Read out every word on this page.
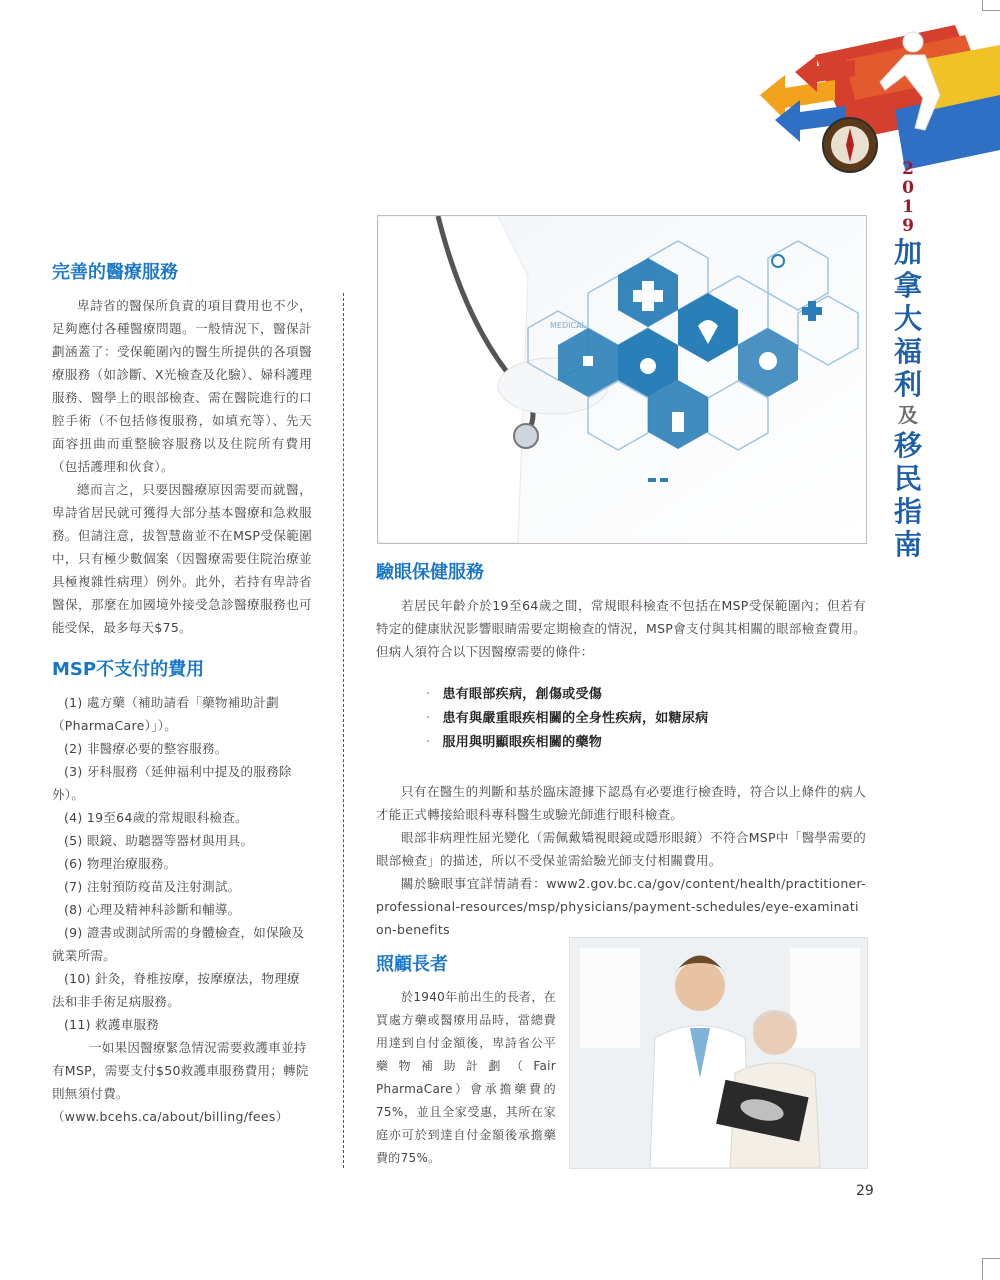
2
0
1
9
加
拿
大
福
利
及
移
民
指
南
完善的醫療服務

卑詩省的醫保所負責的項目費用也不少，足夠應付各種醫療問題。一般情況下，醫保計劃涵蓋了：受保範圍內的醫生所提供的各項醫療服務（如診斷、X光檢查及化驗）、婦科護理服務、醫學上的眼部檢查、需在醫院進行的口腔手術（不包括修復服務，如填充等）、先天面容扭曲而重整臉容服務以及住院所有費用（包括護理和伙食）。

總而言之，只要因醫療原因需要而就醫，卑詩省居民就可獲得大部分基本醫療和急救服務。但請注意，拔智慧齒並不在MSP受保範圍中，只有極少數個案（因醫療需要住院治療並具極複雜性病理）例外。此外，若持有卑詩省醫保，那麼在加國境外接受急診醫療服務也可能受保，最多每天$75。

MSP不支付的費用
(1) 處方藥（補助請看「藥物補助計劃（PharmaCare）」）。
(2) 非醫療必要的整容服務。
(3) 牙科服務（延伸福利中提及的服務除外）。
(4) 19至64歲的常規眼科檢查。
(5) 眼鏡、助聽器等器材與用具。
(6) 物理治療服務。
(7) 注射預防疫苗及注射測試。
(8) 心理及精神科診斷和輔導。
(9) 證書或測試所需的身體檢查，如保險及就業所需。
(10) 針灸，脊椎按摩，按摩療法，物理療法和非手術足病服務。
(11) 救護車服務

一如果因醫療緊急情況需要救護車並持有MSP，需要支付$50救護車服務費用；轉院則無須付費。（www.bcehs.ca/about/billing/fees）

MEDICAL
驗眼保健服務

若居民年齡介於19至64歲之間，常規眼科檢查不包括在MSP受保範圍內；但若有特定的健康狀況影響眼睛需要定期檢查的情況，MSP會支付與其相關的眼部檢查費用。但病人須符合以下因醫療需要的條件：

· 患有眼部疾病，創傷或受傷
· 患有與嚴重眼疾相關的全身性疾病，如糖尿病
· 服用與明顯眼疾相關的藥物

只有在醫生的判斷和基於臨床證據下認爲有必要進行檢查時，符合以上條件的病人才能正式轉接給眼科專科醫生或驗光師進行眼科檢查。

眼部非病理性屈光變化（需佩戴矯視眼鏡或隱形眼鏡）不符合MSP中「醫學需要的眼部檢查」的描述，所以不受保並需給驗光師支付相關費用。

關於驗眼事宜詳情請看：www2.gov.bc.ca/gov/content/health/practitioner-professional-resources/msp/physicians/payment-schedules/eye-examination-benefits

照顧長者

於1940年前出生的長者，在買處方藥或醫療用品時，當總費用達到自付金額後，卑詩省公平藥物補助計劃（Fair PharmaCare）會承擔藥費的75%，並且全家受惠，其所在家庭亦可於到達自付金額後承擔藥費的75%。

29
